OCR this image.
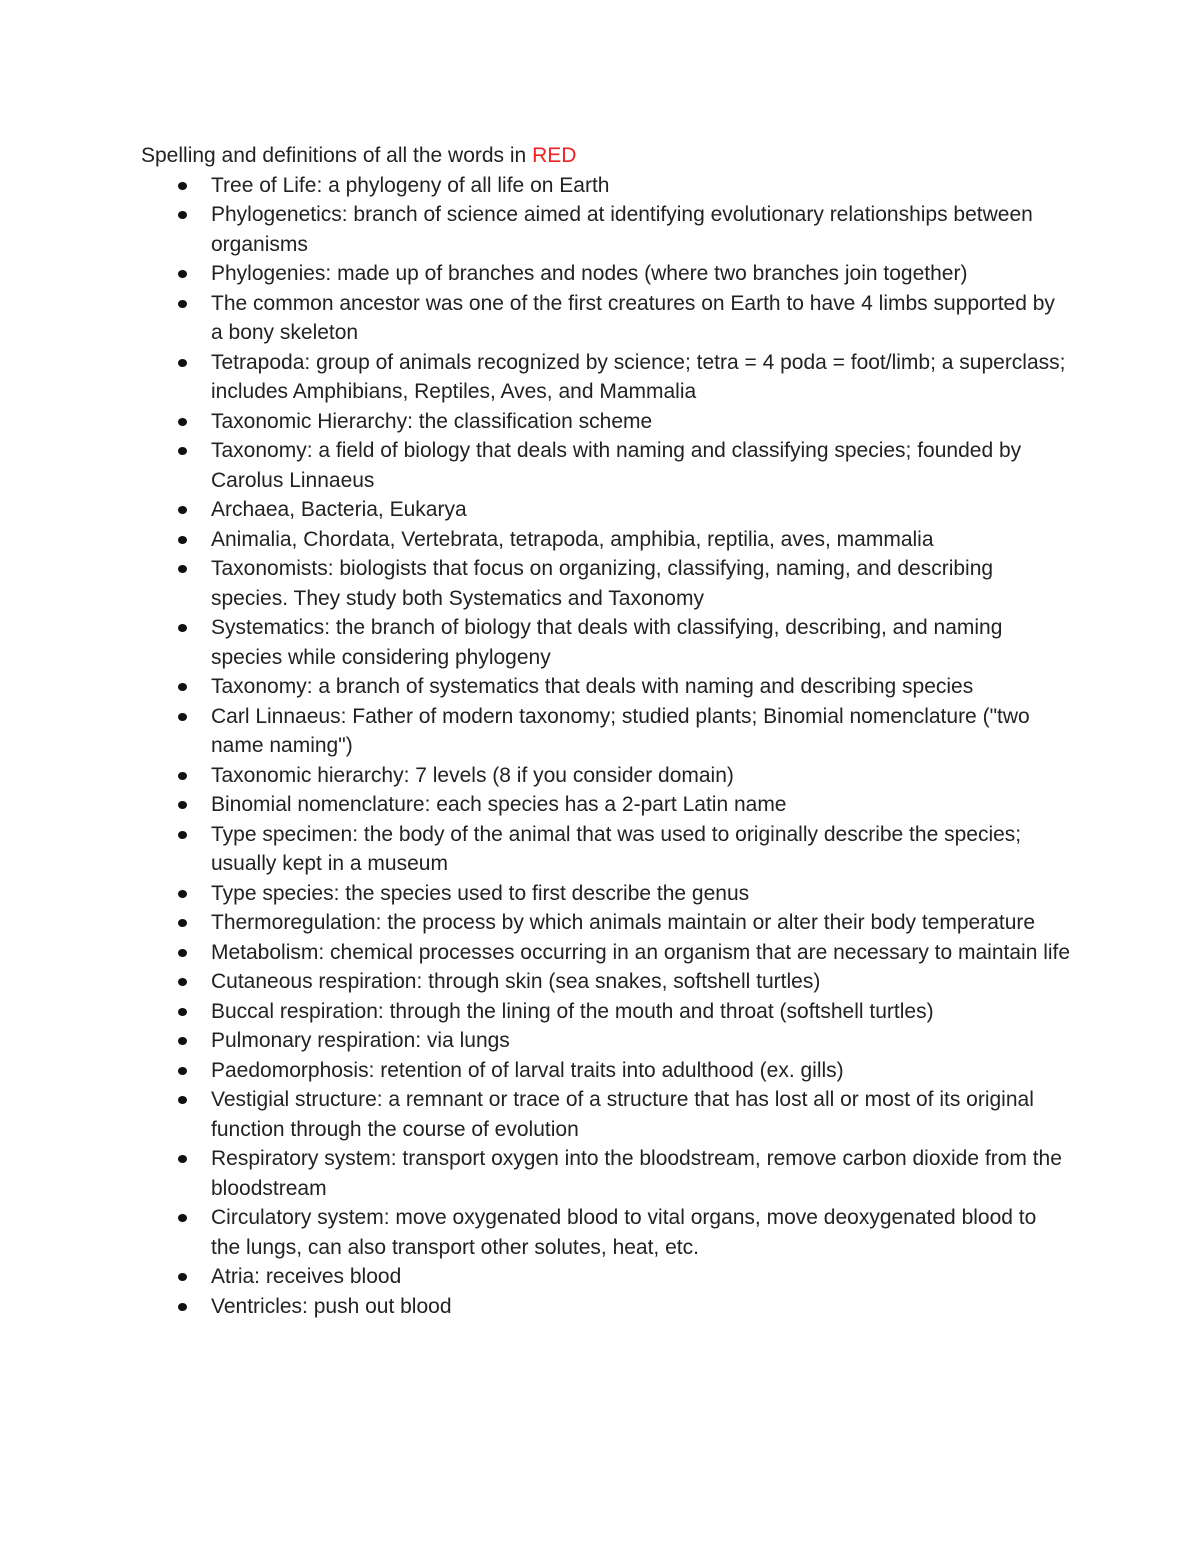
Spelling and definitions of all the words in RED

Tree of Life: a phylogeny of all life on Earth
Phylogenetics: branch of science aimed at identifying evolutionary relationships between organisms
Phylogenies: made up of branches and nodes (where two branches join together)
The common ancestor was one of the first creatures on Earth to have 4 limbs supported by a bony skeleton
Tetrapoda: group of animals recognized by science; tetra = 4 poda = foot/limb; a superclass; includes Amphibians, Reptiles, Aves, and Mammalia
Taxonomic Hierarchy: the classification scheme
Taxonomy: a field of biology that deals with naming and classifying species; founded by Carolus Linnaeus
Archaea, Bacteria, Eukarya
Animalia, Chordata, Vertebrata, tetrapoda, amphibia, reptilia, aves, mammalia
Taxonomists: biologists that focus on organizing, classifying, naming, and describing species. They study both Systematics and Taxonomy
Systematics: the branch of biology that deals with classifying, describing, and naming species while considering phylogeny
Taxonomy: a branch of systematics that deals with naming and describing species
Carl Linnaeus: Father of modern taxonomy; studied plants; Binomial nomenclature ("two name naming")
Taxonomic hierarchy: 7 levels (8 if you consider domain)
Binomial nomenclature: each species has a 2-part Latin name
Type specimen: the body of the animal that was used to originally describe the species; usually kept in a museum
Type species: the species used to first describe the genus
Thermoregulation: the process by which animals maintain or alter their body temperature
Metabolism: chemical processes occurring in an organism that are necessary to maintain life
Cutaneous respiration: through skin (sea snakes, softshell turtles)
Buccal respiration: through the lining of the mouth and throat (softshell turtles)
Pulmonary respiration: via lungs
Paedomorphosis: retention of of larval traits into adulthood (ex. gills)
Vestigial structure: a remnant or trace of a structure that has lost all or most of its original function through the course of evolution
Respiratory system: transport oxygen into the bloodstream, remove carbon dioxide from the bloodstream
Circulatory system: move oxygenated blood to vital organs, move deoxygenated blood to the lungs, can also transport other solutes, heat, etc.
Atria: receives blood
Ventricles: push out blood
